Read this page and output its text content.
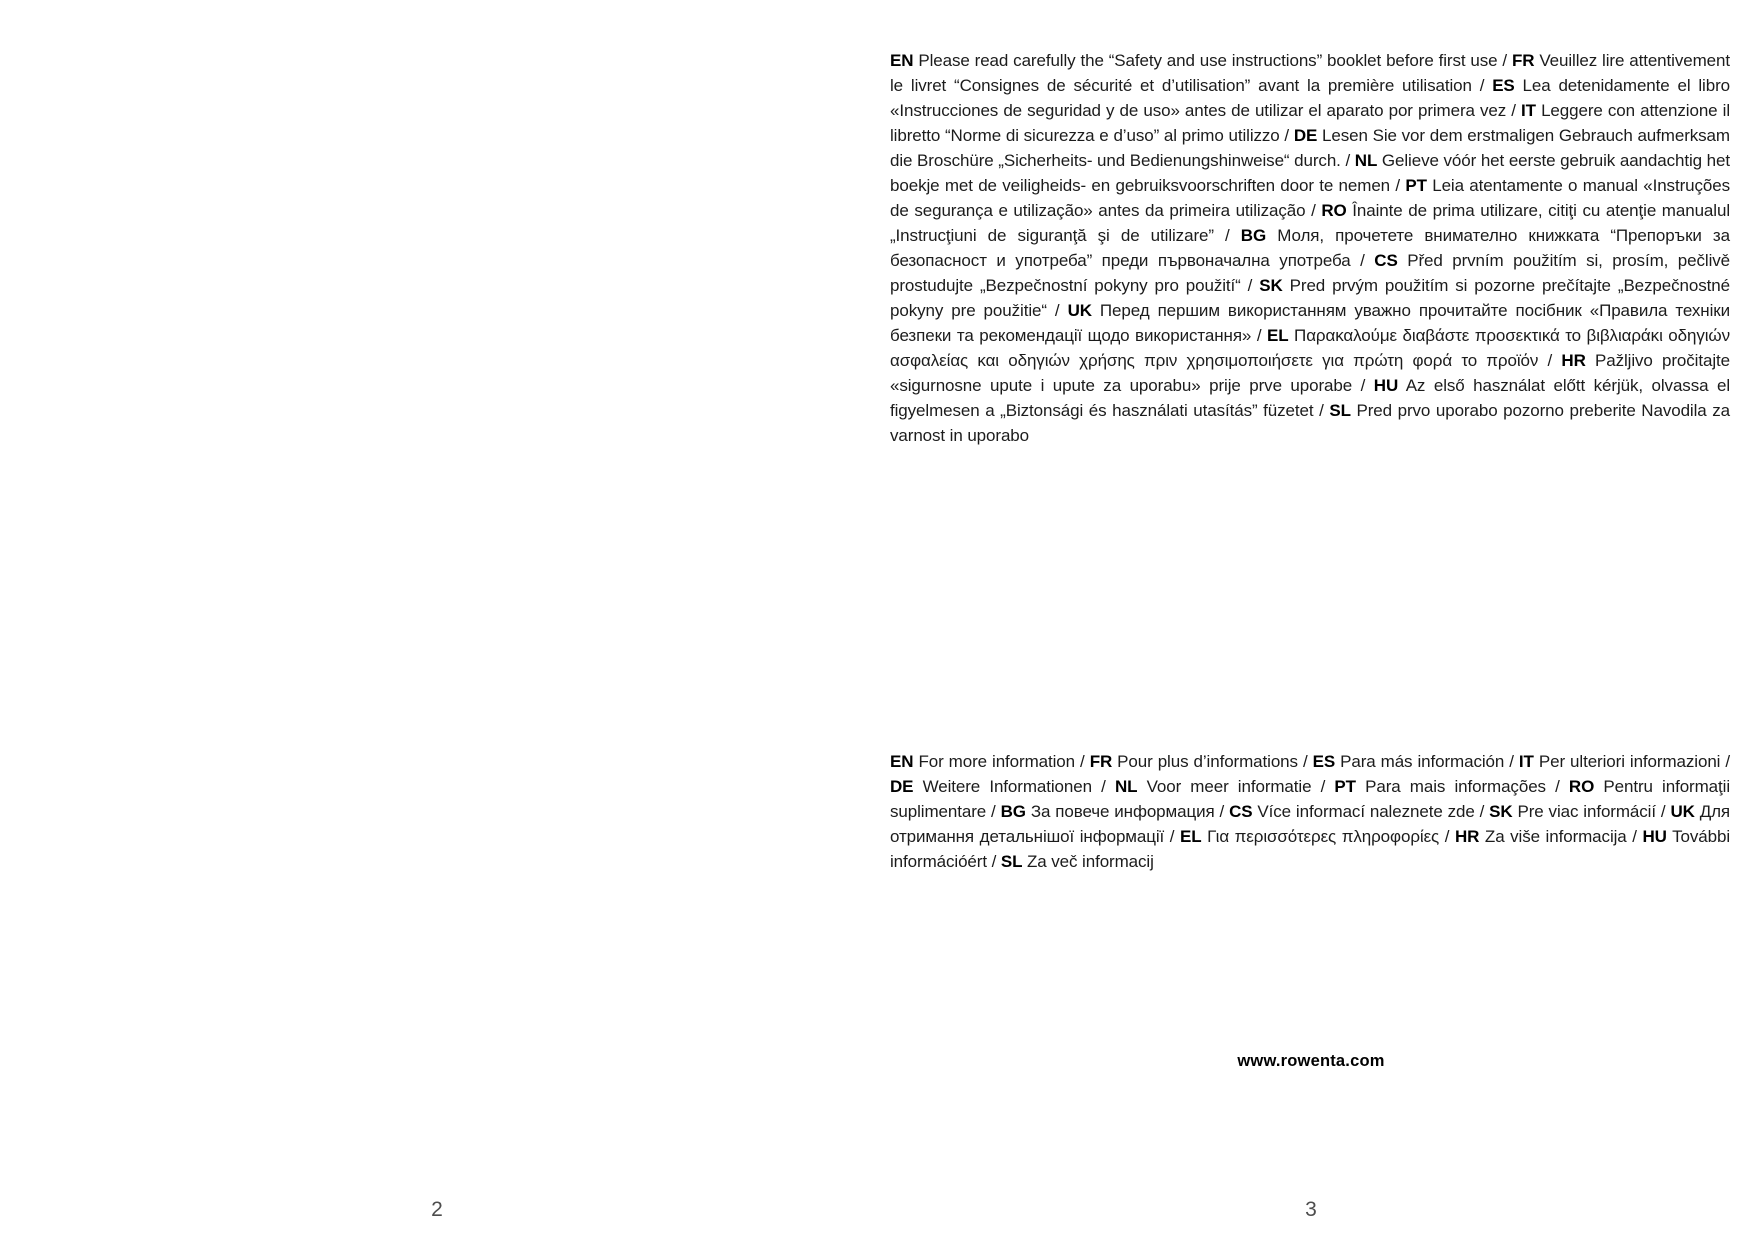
EN Please read carefully the “Safety and use instructions” booklet before first use / FR Veuillez lire attentivement le livret “Consignes de sécurité et d’utilisation” avant la première utilisation / ES Lea detenidamente el libro «Instrucciones de seguridad y de uso» antes de utilizar el aparato por primera vez / IT Leggere con attenzione il libretto “Norme di sicurezza e d’uso” al primo utilizzo / DE Lesen Sie vor dem erstmaligen Gebrauch aufmerksam die Broschüre „Sicherheits- und Bedienungshinweise“ durch. / NL Gelieve vóór het eerste gebruik aandachtig het boekje met de veiligheids- en gebruiksvoorschriften door te nemen / PT Leia atentamente o manual «Instruções de segurança e utilização» antes da primeira utilização / RO Înainte de prima utilizare, citiţi cu atenţie manualul „Instrucţiuni de siguranţă şi de utilizare” / BG Моля, прочетете внимателно книжката “Препоръки за безопасност и употреба” преди първоначална употреба / CS Před prvním použitím si, prosím, pečlivě prostudujte „Bezpečnostní pokyny pro použití“ / SK Pred prvým použitím si pozorne prečítajte „Bezpečnostné pokyny pre použitie“ / UK Перед першим використанням уважно прочитайте посібник «Правила техніки безпеки та рекомендації щодо використання» / EL Παρακαλούμε διαβάστε προσεκτικά το βιβλιαράκι οδηγιών ασφαλείας και οδηγιών χρήσης πριν χρησιμοποιήσετε για πρώτη φορά το προϊόν / HR Pažljivo pročitajte «sigurnosne upute i upute za uporabu» prije prve uporabe / HU Az első használat előtt kérjük, olvassa el figyelmesen a „Biztonsági és használati utasítás” füzetet / SL Pred prvo uporabo pozorno preberite Navodila za varnost in uporabo

EN For more information / FR Pour plus d’informations / ES Para más información / IT Per ulteriori informazioni / DE Weitere Informationen / NL Voor meer informatie / PT Para mais informações / RO Pentru informaţii suplimentare / BG За повече информация / CS Více informací naleznete zde / SK Pre viac informácií / UK Для отримання детальнішої інформації / EL Για περισσότερες πληροφορίες / HR Za više informacija / HU További információért / SL Za več informacij

www.rowenta.com
2	3
